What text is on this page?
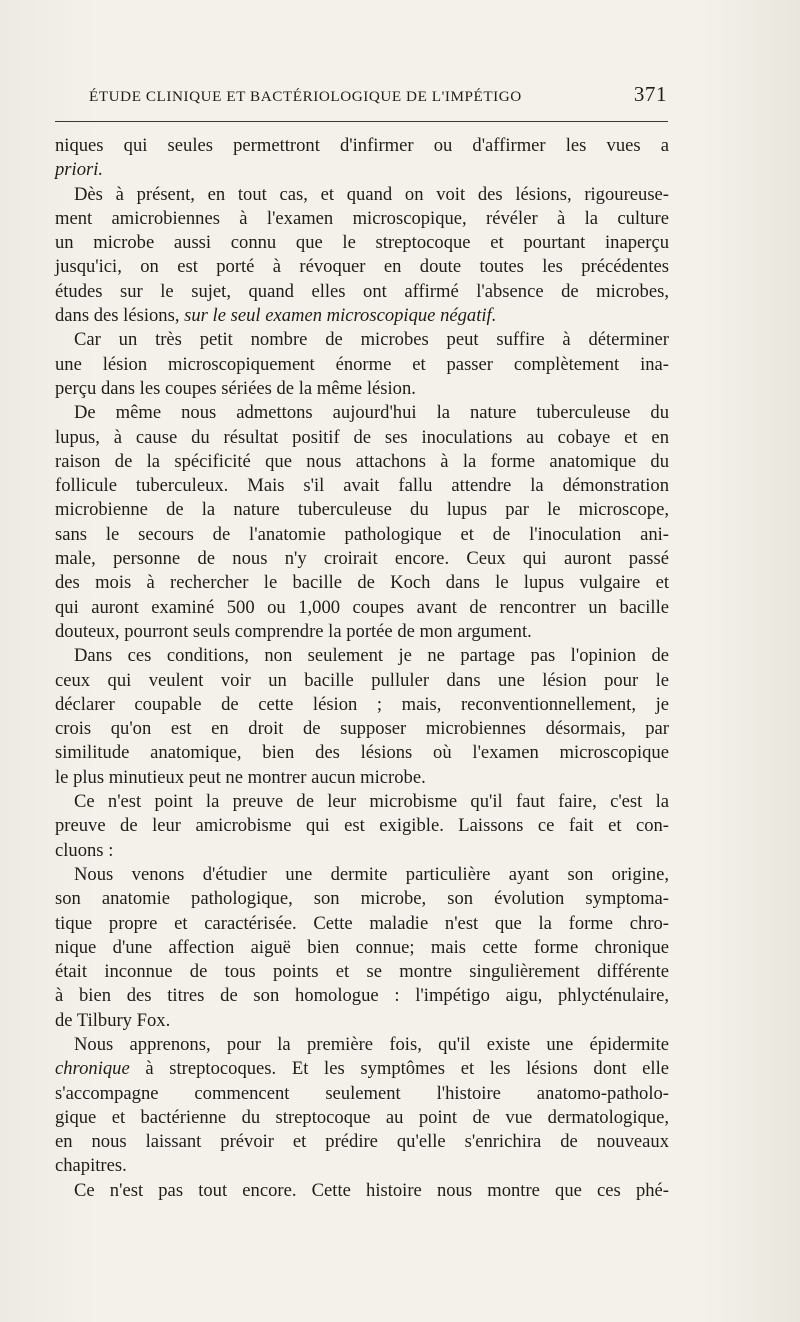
ÉTUDE CLINIQUE ET BACTÉRIOLOGIQUE DE L'IMPÉTIGO	371
niques qui seules permettront d'infirmer ou d'affirmer les vues a
priori.
Dès à présent, en tout cas, et quand on voit des lésions, rigoureuse-
ment amicrobiennes à l'examen microscopique, révéler à la culture
un microbe aussi connu que le streptocoque et pourtant inaperçu
jusqu'ici, on est porté à révoquer en doute toutes les précédentes
études sur le sujet, quand elles ont affirmé l'absence de microbes,
dans des lésions, sur le seul examen microscopique négatif.
Car un très petit nombre de microbes peut suffire à déterminer
une lésion microscopiquement énorme et passer complètement ina-
perçu dans les coupes sériées de la même lésion.
De même nous admettons aujourd'hui la nature tuberculeuse du
lupus, à cause du résultat positif de ses inoculations au cobaye et en
raison de la spécificité que nous attachons à la forme anatomique du
follicule tuberculeux. Mais s'il avait fallu attendre la démonstration
microbienne de la nature tuberculeuse du lupus par le microscope,
sans le secours de l'anatomie pathologique et de l'inoculation ani-
male, personne de nous n'y croirait encore. Ceux qui auront passé
des mois à rechercher le bacille de Koch dans le lupus vulgaire et
qui auront examiné 500 ou 1,000 coupes avant de rencontrer un bacille
douteux, pourront seuls comprendre la portée de mon argument.
Dans ces conditions, non seulement je ne partage pas l'opinion de
ceux qui veulent voir un bacille pulluler dans une lésion pour le
déclarer coupable de cette lésion ; mais, reconventionnellement, je
crois qu'on est en droit de supposer microbiennes désormais, par
similitude anatomique, bien des lésions où l'examen microscopique
le plus minutieux peut ne montrer aucun microbe.
Ce n'est point la preuve de leur microbisme qu'il faut faire, c'est la
preuve de leur amicrobisme qui est exigible. Laissons ce fait et con-
cluons :
Nous venons d'étudier une dermite particulière ayant son origine,
son anatomie pathologique, son microbe, son évolution symptoma-
tique propre et caractérisée. Cette maladie n'est que la forme chro-
nique d'une affection aiguë bien connue; mais cette forme chronique
était inconnue de tous points et se montre singulièrement différente
à bien des titres de son homologue : l'impétigo aigu, phlycténulaire,
de Tilbury Fox.
Nous apprenons, pour la première fois, qu'il existe une épidermite
chronique à streptocoques. Et les symptômes et les lésions dont elle
s'accompagne commencent seulement l'histoire anatomo-patholo-
gique et bactérienne du streptocoque au point de vue dermatologique,
en nous laissant prévoir et prédire qu'elle s'enrichira de nouveaux
chapitres.
Ce n'est pas tout encore. Cette histoire nous montre que ces phé-
